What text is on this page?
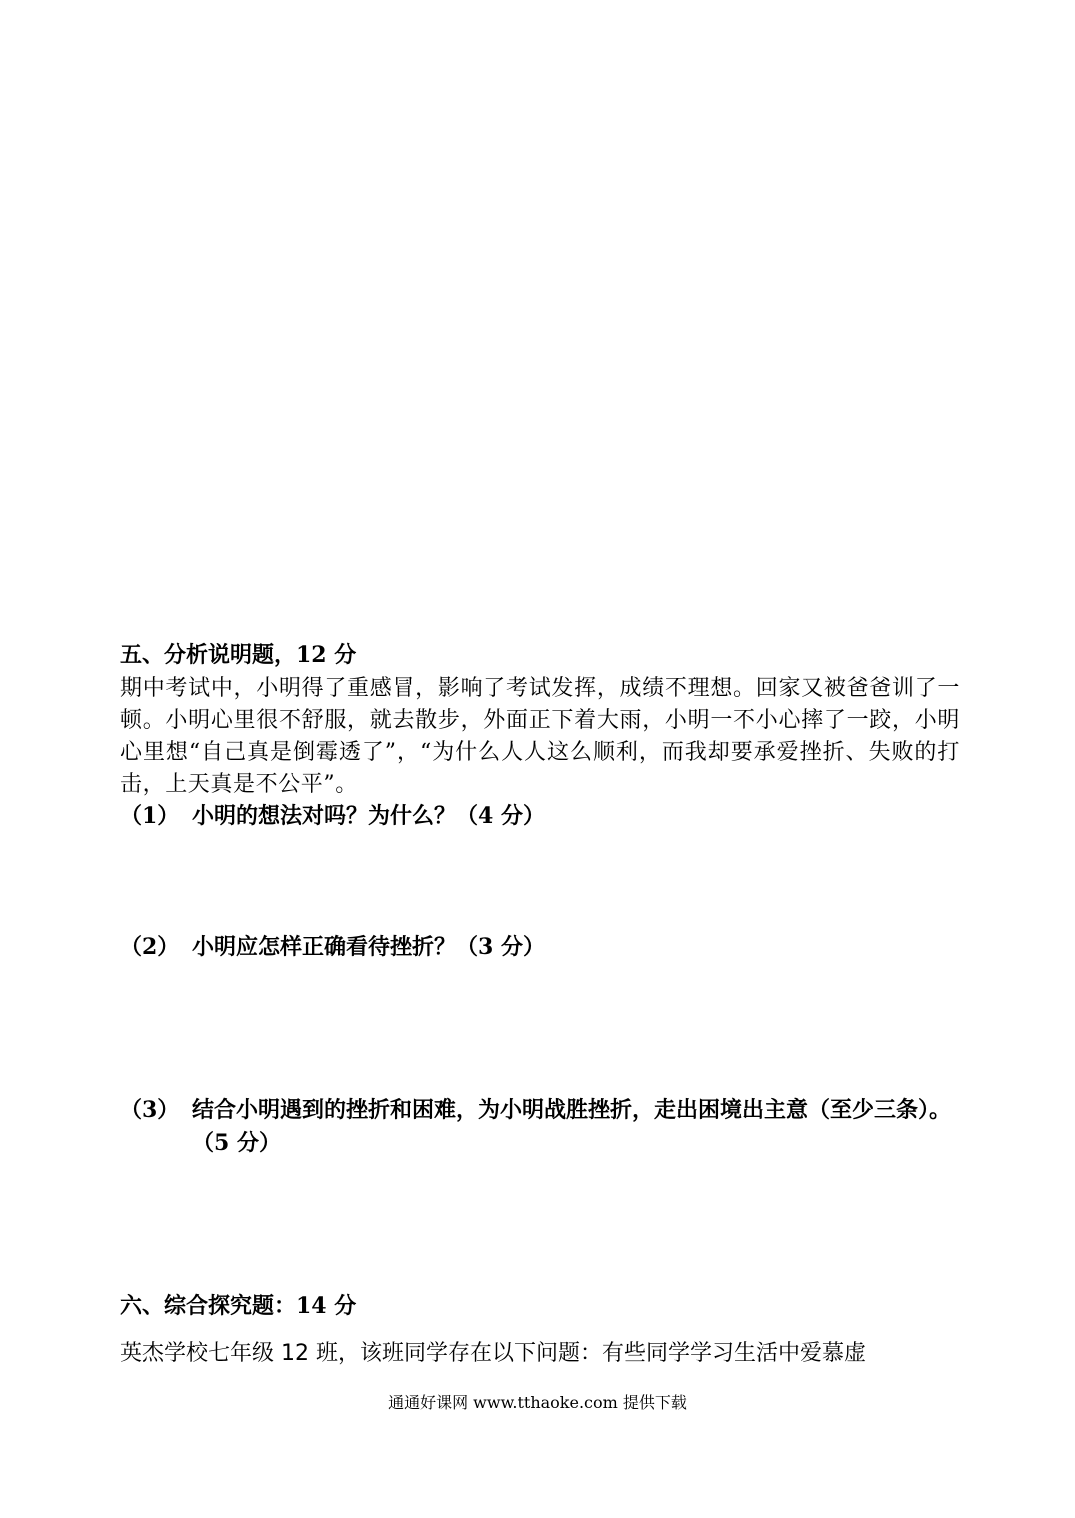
五、分析说明题，12 分
期中考试中，小明得了重感冒，影响了考试发挥，成绩不理想。回家又被爸爸训了一顿。小明心里很不舒服，就去散步，外面正下着大雨，小明一不小心摔了一跤，小明心里想“自己真是倒霉透了”，“为什么人人这么顺利，而我却要承爱挫折、失败的打击，上天真是不公平”。
（1） 小明的想法对吗？为什么？（4 分）
（2） 小明应怎样正确看待挫折？（3 分）
（3） 结合小明遇到的挫折和困难，为小明战胜挫折，走出困境出主意（至少三条）。（5 分）
六、综合探究题：14 分
英杰学校七年级 12 班，该班同学存在以下问题：有些同学学习生活中爱慕虚
通通好课网 www.tthaoke.com 提供下载
